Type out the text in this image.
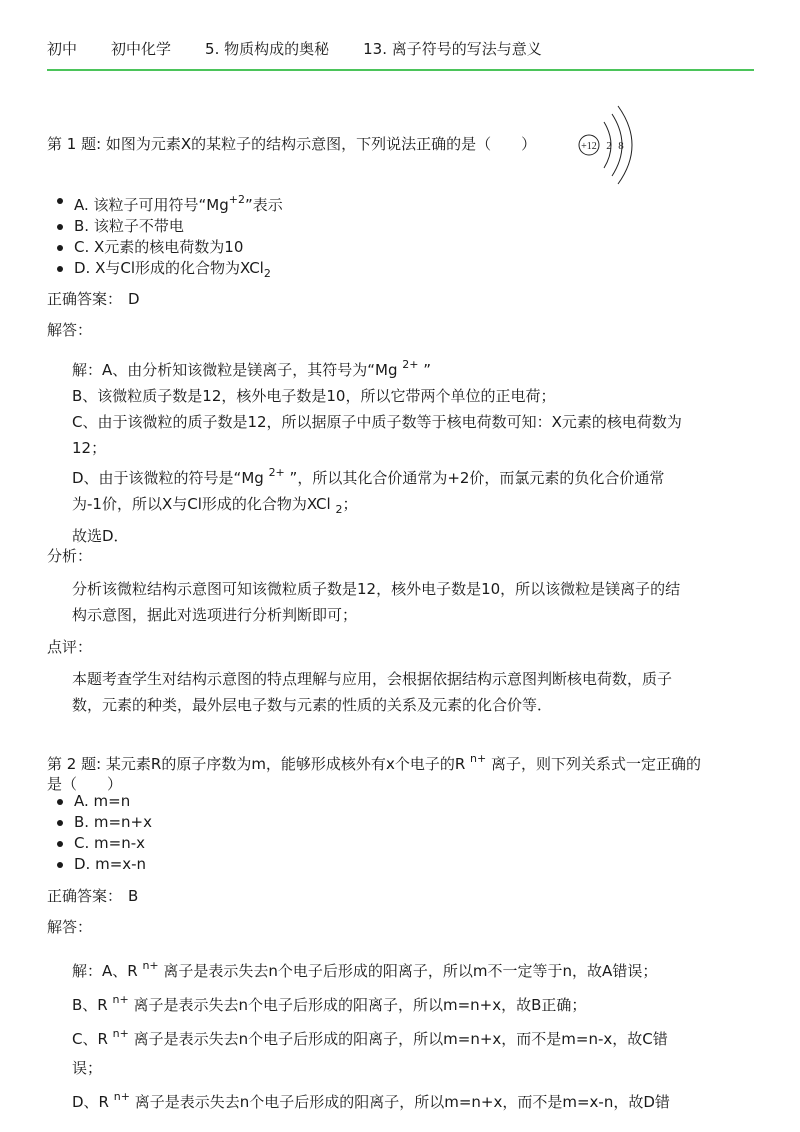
初中 初中化学 5. 物质构成的奥秘 13. 离子符号的写法与意义
第 1 题: 如图为元素X的某粒子的结构示意图，下列说法正确的是（　　）	+12 2 8
A. 该粒子可用符号“$Mg^{+2}$”表示
B. 该粒子不带电
C. X元素的核电荷数为10
D. X与Cl形成的化合物为XCl$_2$
正确答案： D
解答：
解：A、由分析知该微粒是镁离子，其符号为“Mg $^{2+}$ ”
B、该微粒质子数是12，核外电子数是10，所以它带两个单位的正电荷；
C、由于该微粒的质子数是12，所以据原子中质子数等于核电荷数可知：X元素的核电荷数为
12；
D、由于该微粒的符号是“Mg $^{2+}$ ”，所以其化合价通常为+2价，而氯元素的负化合价通常
为-1价，所以X与Cl形成的化合物为XCl $_2$；
故选D．
分析：
分析该微粒结构示意图可知该微粒质子数是12，核外电子数是10，所以该微粒是镁离子的结
构示意图，据此对选项进行分析判断即可；
点评：
本题考查学生对结构示意图的特点理解与应用，会根据依据结构示意图判断核电荷数，质子
数，元素的种类，最外层电子数与元素的性质的关系及元素的化合价等．
第 2 题: 某元素R的原子序数为m，能够形成核外有x个电子的R $^{n+}$ 离子，则下列关系式一定正确的
是（　　）
A. m=n
B. m=n+x
C. m=n-x
D. m=x-n
正确答案： B
解答：
解：A、R $^{n+}$ 离子是表示失去n个电子后形成的阳离子，所以m不一定等于n，故A错误；
B、R $^{n+}$ 离子是表示失去n个电子后形成的阳离子，所以m=n+x，故B正确；
C、R $^{n+}$ 离子是表示失去n个电子后形成的阳离子，所以m=n+x，而不是m=n-x，故C错
误；
D、R $^{n+}$ 离子是表示失去n个电子后形成的阳离子，所以m=n+x，而不是m=x-n，故D错
